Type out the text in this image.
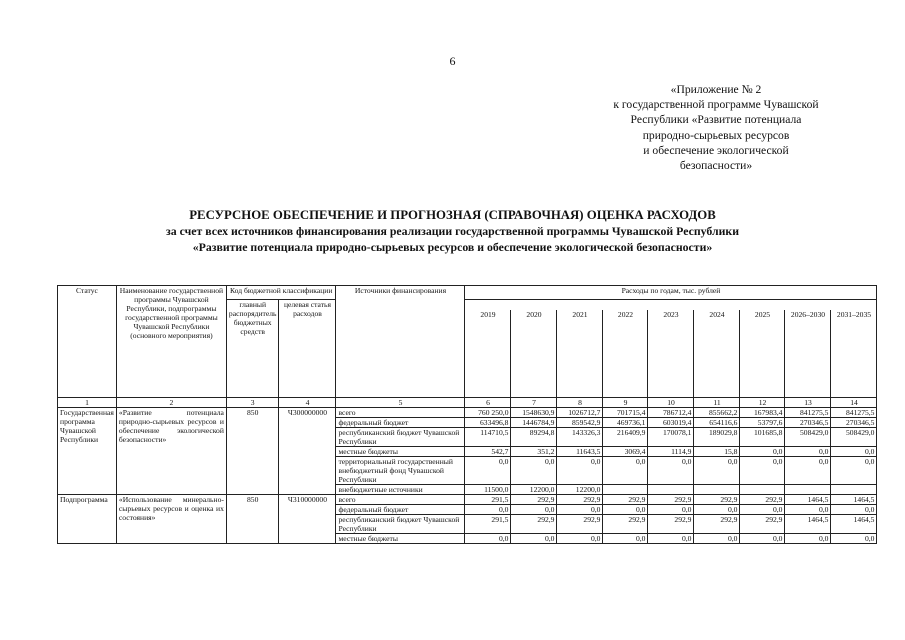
6
«Приложение № 2
к государственной программе Чувашской
Республики «Развитие потенциала
природно-сырьевых ресурсов
и обеспечение экологической
безопасности»
РЕСУРСНОЕ ОБЕСПЕЧЕНИЕ И ПРОГНОЗНАЯ (СПРАВОЧНАЯ) ОЦЕНКА РАСХОДОВ
за счет всех источников финансирования реализации государственной программы Чувашской Республики
«Развитие потенциала природно-сырьевых ресурсов и обеспечение экологической безопасности»
Статус	Наименование государственной программы Чувашской Республики, подпрограммы государственной программы Чувашской Республики (основного мероприятия)	Код бюджетной классификации		Источники финансирования	Расходы по годам, тыс. рублей								
		главный распорядитель бюджетных средств	целевая статья расходов										
					2019	2020	2021	2022	2023	2024	2025	2026–2030	2031–2035
1	2	3	4	5	6	7	8	9	10	11	12	13	14
Государственная программа Чувашской Республики	«Развитие потенциала природно-сырьевых ресурсов и обеспечение экологической безопасности»	850	Ч300000000	всего	760 250,0	1548630,9	1026712,7	701715,4	786712,4	855662,2	167983,4	841275,5	841275,5
				федеральный бюджет	633496,8	1446784,9	859542,9	469736,1	603019,4	654116,6	53797,6	270346,5	270346,5
				республиканский бюджет Чувашской Республики	114710,5	89294,8	143326,3	216409,9	170078,1	189029,8	101685,8	508429,0	508429,0
				местные бюджеты	542,7	351,2	11643,5	3069,4	1114,9	15,8	0,0	0,0	0,0
				территориальный государственный внебюджетный фонд Чувашской Республики	0,0	0,0	0,0	0,0	0,0	0,0	0,0	0,0	0,0
				внебюджетные источники	11500,0	12200,0	12200,0						
Подпрограмма	«Использование минерально-сырьевых ресурсов и оценка их состояния»	850	Ч310000000	всего	291,5	292,9	292,9	292,9	292,9	292,9	292,9	1464,5	1464,5
				федеральный бюджет	0,0	0,0	0,0	0,0	0,0	0,0	0,0	0,0	0,0
				республиканский бюджет Чувашской Республики	291,5	292,9	292,9	292,9	292,9	292,9	292,9	1464,5	1464,5
				местные бюджеты	0,0	0,0	0,0	0,0	0,0	0,0	0,0	0,0	0,0
